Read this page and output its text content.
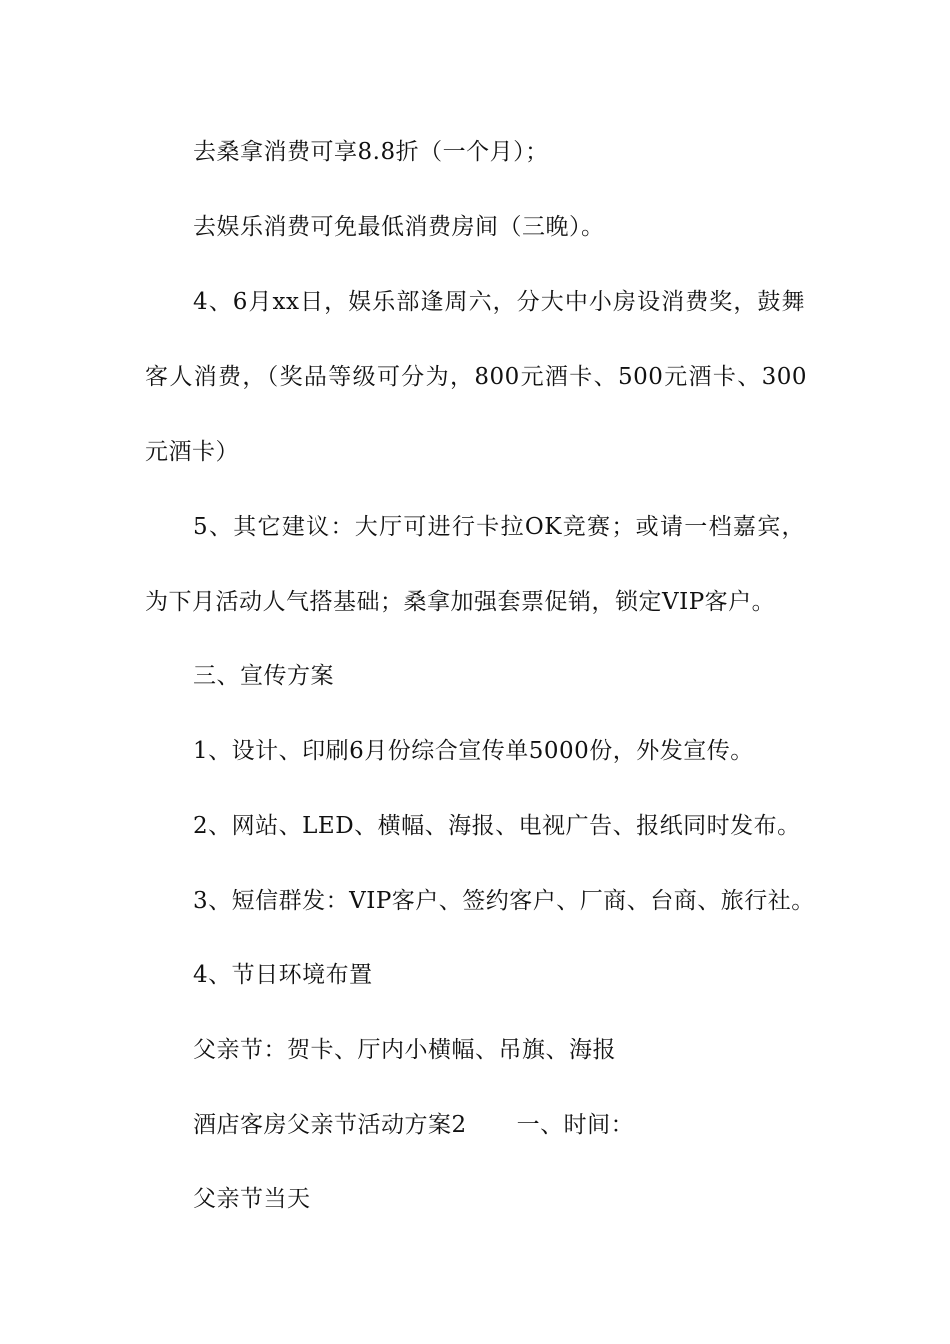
去桑拿消费可享8.8折（一个月）；

去娱乐消费可免最低消费房间（三晚）。

4、6月xx日，娱乐部逢周六，分大中小房设消费奖，鼓舞

客人消费，（奖品等级可分为，800元酒卡、500元酒卡、300

元酒卡）

5、其它建议：大厅可进行卡拉OK竞赛；或请一档嘉宾，

为下月活动人气搭基础；桑拿加强套票促销，锁定VIP客户。

三、宣传方案

1、设计、印刷6月份综合宣传单5000份，外发宣传。

2、网站、LED、横幅、海报、电视广告、报纸同时发布。

3、短信群发：VIP客户、签约客户、厂商、台商、旅行社。

4、节日环境布置

父亲节：贺卡、厅内小横幅、吊旗、海报

酒店客房父亲节活动方案2 一、时间：

父亲节当天
